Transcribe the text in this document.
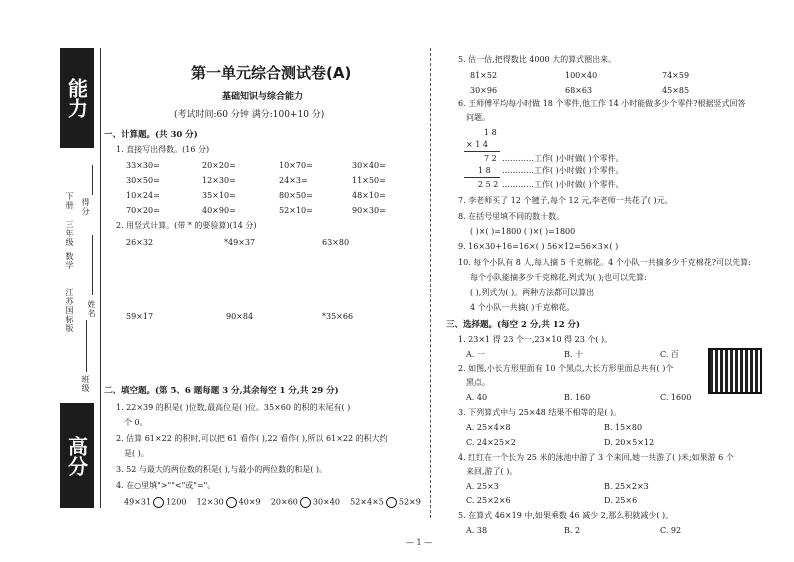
能力
高分
江苏国标版
数学
三年级
下册 得分
姓名
班级
第一单元综合测试卷(A)
基础知识与综合能力
(考试时间:60 分钟 满分:100+10 分)
一、计算题。(共 30 分)
1. 直接写出得数。(16 分)
33×30=	20×20=	10×70=	30×40=
30×50=	12×30=	24×3=	11×50=
10×24=	35×10=	80×50=	48×10=
70×20=	40×90=	52×10=	90×30=
2. 用竖式计算。(带 * 的要验算)(14 分)
26×32	*49×37	63×80
59×17	90×84	*35×66
二、填空题。(第 5、6 题每题 3 分,其余每空 1 分,共 29 分)
1. 22×39 的积是( )位数,最高位是( )位。35×60 的积的末尾有( )
个 0。
2. 估算 61×22 的积时,可以把 61 看作( ),22 看作( ),所以 61×22 的积大约
是( )。
3. 52 与最大的两位数的积是( ),与最小的两位数的和是( )。
4. 在○里填">""<"或"="。
49×31 1200 12×30 40×9 20×60 30×40 52×4×5 52×9
5. 估一估,把得数比 4000 大的算式圈出来。
81×52	100×40	74×59
30×96	68×63	45×85
6. 王师傅平均每小时做 18 个零件,他工作 14 小时能做多少个零件?根据竖式回答
问题。
1 8
× 1 4
7 2
1 8
2 5 2
…………工作( )小时做( )个零件。
…………工作( )小时做( )个零件。
…………工作( )小时做( )个零件。
7. 李老师买了 12 个毽子,每个 12 元,李老师一共花了( )元。
8. 在括号里填不同的数十数。
( )×( )=1800 ( )×( )=1800
9. 16×30+16=16×( ) 56×12=56×3×( )
10. 每个小队有 8 人,每人摘 5 千克棉花。4 个小队一共摘多少千克棉花?可以先算:
每个小队能摘多少千克棉花,列式为( );也可以先算:
( ),列式为( )。两种方法都可以算出
4 个小队一共摘( )千克棉花。
三、选择题。(每空 2 分,共 12 分)
1. 23×1 得 23 个一,23×10 得 23 个( )。
A. 一	B. 十	C. 百
2. 如图,小长方形里面有 10 个黑点,大长方形里面总共有( )个
黑点。
A. 40	B. 160	C. 1600
3. 下列算式中与 25×48 结果不相等的是( )。
A. 25×4×8	B. 15×80
C. 24×25×2	D. 20×5×12
4. 红红在一个长为 25 米的泳池中游了 3 个来回,她一共游了( )米;如果游 6 个
来回,游了( )。
A. 25×3	B. 25×2×3
C. 25×2×6	D. 25×6
5. 在算式 46×19 中,如果乘数 46 减少 2,那么积就减少( )。
A. 38	B. 2	C. 92
— 1 —
